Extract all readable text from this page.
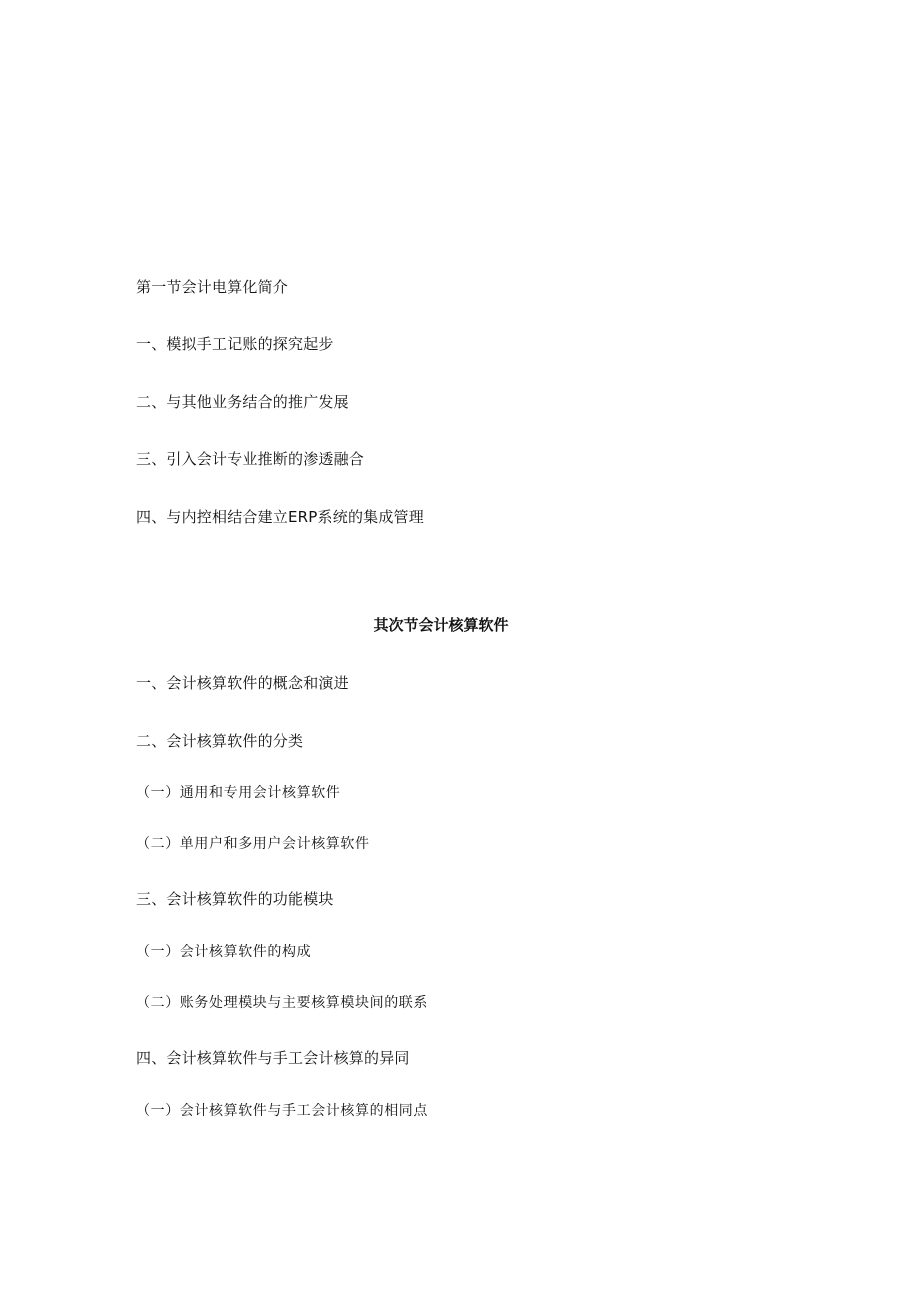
第一节会计电算化简介

一、模拟手工记账的探究起步

二、与其他业务结合的推广发展

三、引入会计专业推断的渗透融合

四、与内控相结合建立ERP系统的集成管理

其次节会计核算软件

一、会计核算软件的概念和演进

二、会计核算软件的分类

（一）通用和专用会计核算软件

（二）单用户和多用户会计核算软件

三、会计核算软件的功能模块

（一）会计核算软件的构成

（二）账务处理模块与主要核算模块间的联系

四、会计核算软件与手工会计核算的异同

（一）会计核算软件与手工会计核算的相同点
